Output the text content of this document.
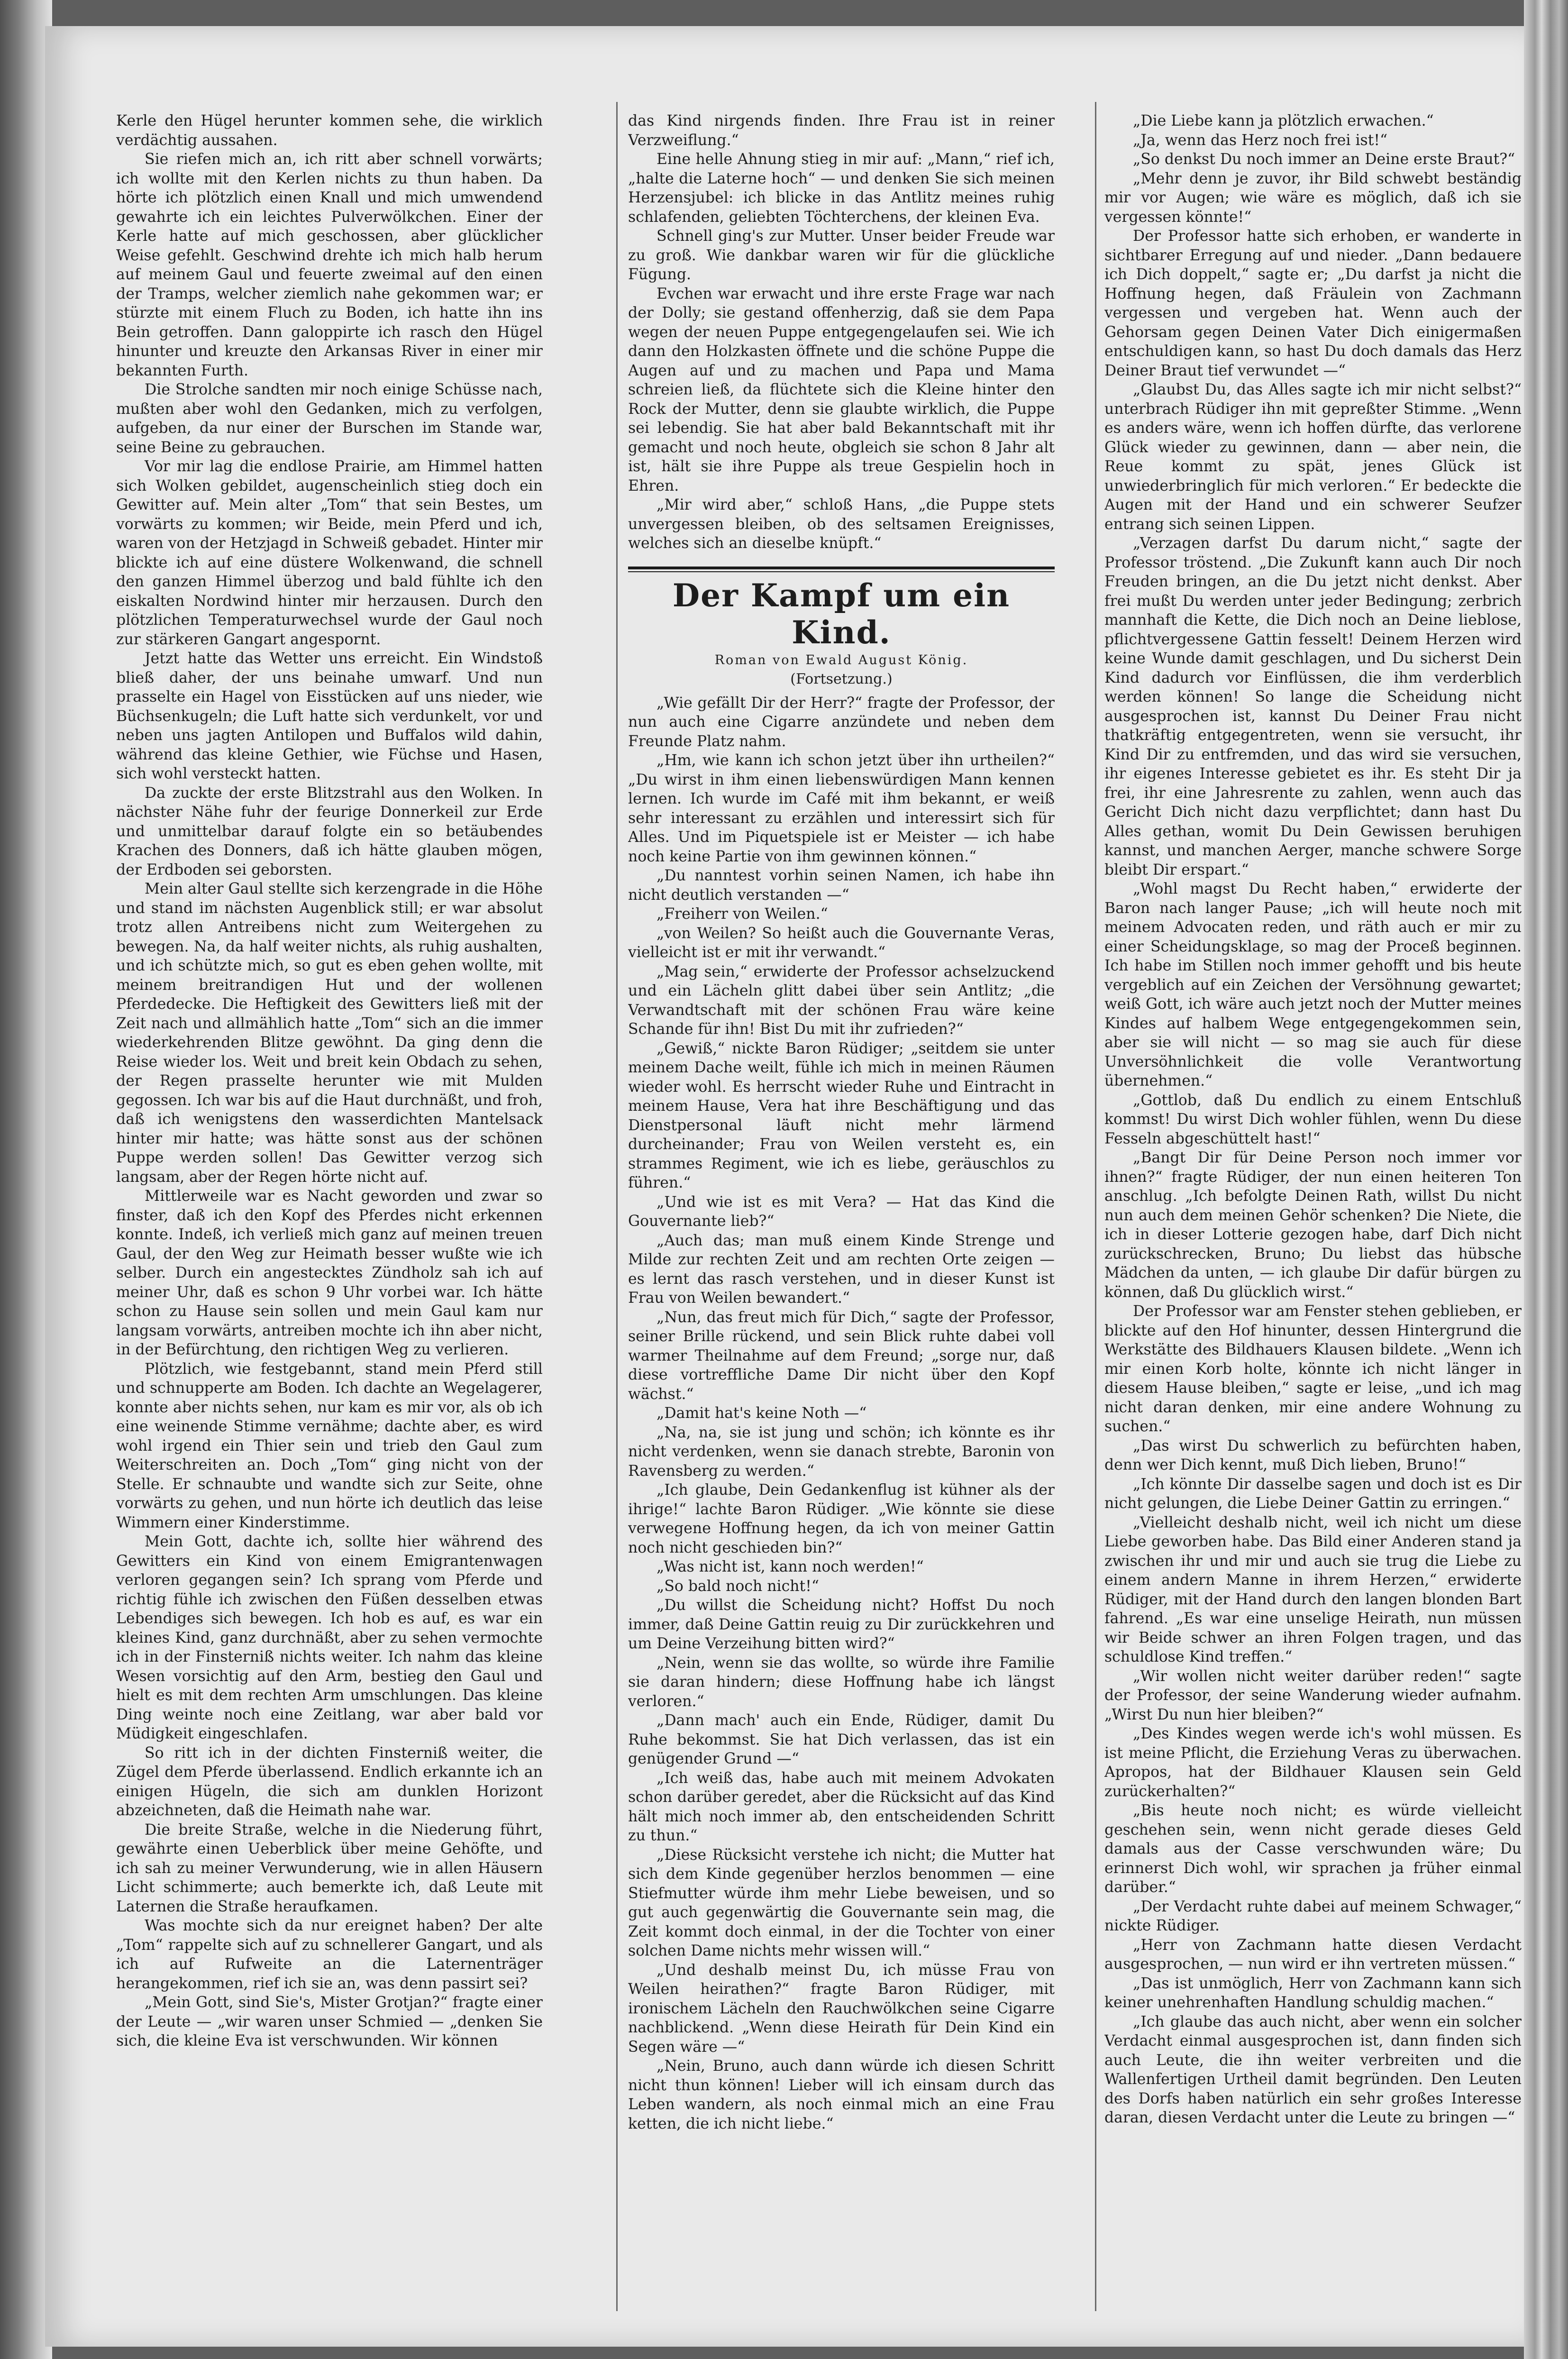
Kerle den Hügel herunter kommen sehe, die wirklich verdächtig aussahen.

Sie riefen mich an, ich ritt aber schnell vorwärts; ich wollte mit den Kerlen nichts zu thun haben. Da hörte ich plötzlich einen Knall und mich umwendend gewahrte ich ein leichtes Pulverwölkchen. Einer der Kerle hatte auf mich geschossen, aber glücklicher Weise gefehlt. Geschwind drehte ich mich halb herum auf meinem Gaul und feuerte zweimal auf den einen der Tramps, welcher ziemlich nahe gekommen war; er stürzte mit einem Fluch zu Boden, ich hatte ihn ins Bein getroffen. Dann galoppirte ich rasch den Hügel hinunter und kreuzte den Arkansas River in einer mir bekannten Furth.

Die Strolche sandten mir noch einige Schüsse nach, mußten aber wohl den Gedanken, mich zu verfolgen, aufgeben, da nur einer der Burschen im Stande war, seine Beine zu gebrauchen.

Vor mir lag die endlose Prairie, am Himmel hatten sich Wolken gebildet, augenscheinlich stieg doch ein Gewitter auf. Mein alter „Tom“ that sein Bestes, um vorwärts zu kommen; wir Beide, mein Pferd und ich, waren von der Hetzjagd in Schweiß gebadet. Hinter mir blickte ich auf eine düstere Wolkenwand, die schnell den ganzen Himmel überzog und bald fühlte ich den eiskalten Nordwind hinter mir herzausen. Durch den plötzlichen Temperaturwechsel wurde der Gaul noch zur stärkeren Gangart angespornt.

Jetzt hatte das Wetter uns erreicht. Ein Windstoß bließ daher, der uns beinahe umwarf. Und nun prasselte ein Hagel von Eisstücken auf uns nieder, wie Büchsenkugeln; die Luft hatte sich verdunkelt, vor und neben uns jagten Antilopen und Buffalos wild dahin, während das kleine Gethier, wie Füchse und Hasen, sich wohl versteckt hatten.

Da zuckte der erste Blitzstrahl aus den Wolken. In nächster Nähe fuhr der feurige Donnerkeil zur Erde und unmittelbar darauf folgte ein so betäubendes Krachen des Donners, daß ich hätte glauben mögen, der Erdboden sei geborsten.

Mein alter Gaul stellte sich kerzengrade in die Höhe und stand im nächsten Augenblick still; er war absolut trotz allen Antreibens nicht zum Weitergehen zu bewegen. Na, da half weiter nichts, als ruhig aushalten, und ich schützte mich, so gut es eben gehen wollte, mit meinem breitrandigen Hut und der wollenen Pferdedecke. Die Heftigkeit des Gewitters ließ mit der Zeit nach und allmählich hatte „Tom“ sich an die immer wiederkehrenden Blitze gewöhnt. Da ging denn die Reise wieder los. Weit und breit kein Obdach zu sehen, der Regen prasselte herunter wie mit Mulden gegossen. Ich war bis auf die Haut durchnäßt, und froh, daß ich wenigstens den wasserdichten Mantelsack hinter mir hatte; was hätte sonst aus der schönen Puppe werden sollen! Das Gewitter verzog sich langsam, aber der Regen hörte nicht auf.

Mittlerweile war es Nacht geworden und zwar so finster, daß ich den Kopf des Pferdes nicht erkennen konnte. Indeß, ich verließ mich ganz auf meinen treuen Gaul, der den Weg zur Heimath besser wußte wie ich selber. Durch ein angestecktes Zündholz sah ich auf meiner Uhr, daß es schon 9 Uhr vorbei war. Ich hätte schon zu Hause sein sollen und mein Gaul kam nur langsam vorwärts, antreiben mochte ich ihn aber nicht, in der Befürchtung, den richtigen Weg zu verlieren.

Plötzlich, wie festgebannt, stand mein Pferd still und schnupperte am Boden. Ich dachte an Wegelagerer, konnte aber nichts sehen, nur kam es mir vor, als ob ich eine weinende Stimme vernähme; dachte aber, es wird wohl irgend ein Thier sein und trieb den Gaul zum Weiterschreiten an. Doch „Tom“ ging nicht von der Stelle. Er schnaubte und wandte sich zur Seite, ohne vorwärts zu gehen, und nun hörte ich deutlich das leise Wimmern einer Kinderstimme.

Mein Gott, dachte ich, sollte hier während des Gewitters ein Kind von einem Emigrantenwagen verloren gegangen sein? Ich sprang vom Pferde und richtig fühle ich zwischen den Füßen desselben etwas Lebendiges sich bewegen. Ich hob es auf, es war ein kleines Kind, ganz durchnäßt, aber zu sehen vermochte ich in der Finsterniß nichts weiter. Ich nahm das kleine Wesen vorsichtig auf den Arm, bestieg den Gaul und hielt es mit dem rechten Arm umschlungen. Das kleine Ding weinte noch eine Zeitlang, war aber bald vor Müdigkeit eingeschlafen.

So ritt ich in der dichten Finsterniß weiter, die Zügel dem Pferde überlassend. Endlich erkannte ich an einigen Hügeln, die sich am dunklen Horizont abzeichneten, daß die Heimath nahe war.

Die breite Straße, welche in die Niederung führt, gewährte einen Ueberblick über meine Gehöfte, und ich sah zu meiner Verwunderung, wie in allen Häusern Licht schimmerte; auch bemerkte ich, daß Leute mit Laternen die Straße heraufkamen.

Was mochte sich da nur ereignet haben? Der alte „Tom“ rappelte sich auf zu schnellerer Gangart, und als ich auf Rufweite an die Laternenträger herangekommen, rief ich sie an, was denn passirt sei?

„Mein Gott, sind Sie's, Mister Grotjan?“ fragte einer der Leute — „wir waren unser Schmied — „denken Sie sich, die kleine Eva ist verschwunden. Wir können

das Kind nirgends finden. Ihre Frau ist in reiner Verzweiflung.“

Eine helle Ahnung stieg in mir auf: „Mann,“ rief ich, „halte die Laterne hoch“ — und denken Sie sich meinen Herzensjubel: ich blicke in das Antlitz meines ruhig schlafenden, geliebten Töchterchens, der kleinen Eva.

Schnell ging's zur Mutter. Unser beider Freude war zu groß. Wie dankbar waren wir für die glückliche Fügung.

Evchen war erwacht und ihre erste Frage war nach der Dolly; sie gestand offenherzig, daß sie dem Papa wegen der neuen Puppe entgegengelaufen sei. Wie ich dann den Holzkasten öffnete und die schöne Puppe die Augen auf und zu machen und Papa und Mama schreien ließ, da flüchtete sich die Kleine hinter den Rock der Mutter, denn sie glaubte wirklich, die Puppe sei lebendig. Sie hat aber bald Bekanntschaft mit ihr gemacht und noch heute, obgleich sie schon 8 Jahr alt ist, hält sie ihre Puppe als treue Gespielin hoch in Ehren.

„Mir wird aber,“ schloß Hans, „die Puppe stets unvergessen bleiben, ob des seltsamen Ereignisses, welches sich an dieselbe knüpft.“

Der Kampf um ein Kind.
Roman von Ewald August König.
(Fortsetzung.)

„Wie gefällt Dir der Herr?“ fragte der Professor, der nun auch eine Cigarre anzündete und neben dem Freunde Platz nahm.

„Hm, wie kann ich schon jetzt über ihn urtheilen?“ „Du wirst in ihm einen liebenswürdigen Mann kennen lernen. Ich wurde im Café mit ihm bekannt, er weiß sehr interessant zu erzählen und interessirt sich für Alles. Und im Piquetspiele ist er Meister — ich habe noch keine Partie von ihm gewinnen können.“

„Du nanntest vorhin seinen Namen, ich habe ihn nicht deutlich verstanden —“

„Freiherr von Weilen.“

„von Weilen? So heißt auch die Gouvernante Veras, vielleicht ist er mit ihr verwandt.“

„Mag sein,“ erwiderte der Professor achselzuckend und ein Lächeln glitt dabei über sein Antlitz; „die Verwandtschaft mit der schönen Frau wäre keine Schande für ihn! Bist Du mit ihr zufrieden?“

„Gewiß,“ nickte Baron Rüdiger; „seitdem sie unter meinem Dache weilt, fühle ich mich in meinen Räumen wieder wohl. Es herrscht wieder Ruhe und Eintracht in meinem Hause, Vera hat ihre Beschäftigung und das Dienstpersonal läuft nicht mehr lärmend durcheinander; Frau von Weilen versteht es, ein strammes Regiment, wie ich es liebe, geräuschlos zu führen.“

„Und wie ist es mit Vera? — Hat das Kind die Gouvernante lieb?“

„Auch das; man muß einem Kinde Strenge und Milde zur rechten Zeit und am rechten Orte zeigen — es lernt das rasch verstehen, und in dieser Kunst ist Frau von Weilen bewandert.“

„Nun, das freut mich für Dich,“ sagte der Professor, seiner Brille rückend, und sein Blick ruhte dabei voll warmer Theilnahme auf dem Freund; „sorge nur, daß diese vortreffliche Dame Dir nicht über den Kopf wächst.“

„Damit hat's keine Noth —“

„Na, na, sie ist jung und schön; ich könnte es ihr nicht verdenken, wenn sie danach strebte, Baronin von Ravensberg zu werden.“

„Ich glaube, Dein Gedankenflug ist kühner als der ihrige!“ lachte Baron Rüdiger. „Wie könnte sie diese verwegene Hoffnung hegen, da ich von meiner Gattin noch nicht geschieden bin?“

„Was nicht ist, kann noch werden!“

„So bald noch nicht!“

„Du willst die Scheidung nicht? Hoffst Du noch immer, daß Deine Gattin reuig zu Dir zurückkehren und um Deine Verzeihung bitten wird?“

„Nein, wenn sie das wollte, so würde ihre Familie sie daran hindern; diese Hoffnung habe ich längst verloren.“

„Dann mach' auch ein Ende, Rüdiger, damit Du Ruhe bekommst. Sie hat Dich verlassen, das ist ein genügender Grund —“

„Ich weiß das, habe auch mit meinem Advokaten schon darüber geredet, aber die Rücksicht auf das Kind hält mich noch immer ab, den entscheidenden Schritt zu thun.“

„Diese Rücksicht verstehe ich nicht; die Mutter hat sich dem Kinde gegenüber herzlos benommen — eine Stiefmutter würde ihm mehr Liebe beweisen, und so gut auch gegenwärtig die Gouvernante sein mag, die Zeit kommt doch einmal, in der die Tochter von einer solchen Dame nichts mehr wissen will.“

„Und deshalb meinst Du, ich müsse Frau von Weilen heirathen?“ fragte Baron Rüdiger, mit ironischem Lächeln den Rauchwölkchen seine Cigarre nachblickend. „Wenn diese Heirath für Dein Kind ein Segen wäre —“

„Nein, Bruno, auch dann würde ich diesen Schritt nicht thun können! Lieber will ich einsam durch das Leben wandern, als noch einmal mich an eine Frau ketten, die ich nicht liebe.“

„Die Liebe kann ja plötzlich erwachen.“

„Ja, wenn das Herz noch frei ist!“

„So denkst Du noch immer an Deine erste Braut?“

„Mehr denn je zuvor, ihr Bild schwebt beständig mir vor Augen; wie wäre es möglich, daß ich sie vergessen könnte!“

Der Professor hatte sich erhoben, er wanderte in sichtbarer Erregung auf und nieder. „Dann bedauere ich Dich doppelt,“ sagte er; „Du darfst ja nicht die Hoffnung hegen, daß Fräulein von Zachmann vergessen und vergeben hat. Wenn auch der Gehorsam gegen Deinen Vater Dich einigermaßen entschuldigen kann, so hast Du doch damals das Herz Deiner Braut tief verwundet —“

„Glaubst Du, das Alles sagte ich mir nicht selbst?“ unterbrach Rüdiger ihn mit gepreßter Stimme. „Wenn es anders wäre, wenn ich hoffen dürfte, das verlorene Glück wieder zu gewinnen, dann — aber nein, die Reue kommt zu spät, jenes Glück ist unwiederbringlich für mich verloren.“ Er bedeckte die Augen mit der Hand und ein schwerer Seufzer entrang sich seinen Lippen.

„Verzagen darfst Du darum nicht,“ sagte der Professor tröstend. „Die Zukunft kann auch Dir noch Freuden bringen, an die Du jetzt nicht denkst. Aber frei mußt Du werden unter jeder Bedingung; zerbrich mannhaft die Kette, die Dich noch an Deine lieblose, pflichtvergessene Gattin fesselt! Deinem Herzen wird keine Wunde damit geschlagen, und Du sicherst Dein Kind dadurch vor Einflüssen, die ihm verderblich werden können! So lange die Scheidung nicht ausgesprochen ist, kannst Du Deiner Frau nicht thatkräftig entgegentreten, wenn sie versucht, ihr Kind Dir zu entfremden, und das wird sie versuchen, ihr eigenes Interesse gebietet es ihr. Es steht Dir ja frei, ihr eine Jahresrente zu zahlen, wenn auch das Gericht Dich nicht dazu verpflichtet; dann hast Du Alles gethan, womit Du Dein Gewissen beruhigen kannst, und manchen Aerger, manche schwere Sorge bleibt Dir erspart.“

„Wohl magst Du Recht haben,“ erwiderte der Baron nach langer Pause; „ich will heute noch mit meinem Advocaten reden, und räth auch er mir zu einer Scheidungsklage, so mag der Proceß beginnen. Ich habe im Stillen noch immer gehofft und bis heute vergeblich auf ein Zeichen der Versöhnung gewartet; weiß Gott, ich wäre auch jetzt noch der Mutter meines Kindes auf halbem Wege entgegengekommen sein, aber sie will nicht — so mag sie auch für diese Unversöhnlichkeit die volle Verantwortung übernehmen.“

„Gottlob, daß Du endlich zu einem Entschluß kommst! Du wirst Dich wohler fühlen, wenn Du diese Fesseln abgeschüttelt hast!“

„Bangt Dir für Deine Person noch immer vor ihnen?“ fragte Rüdiger, der nun einen heiteren Ton anschlug. „Ich befolgte Deinen Rath, willst Du nicht nun auch dem meinen Gehör schenken? Die Niete, die ich in dieser Lotterie gezogen habe, darf Dich nicht zurückschrecken, Bruno; Du liebst das hübsche Mädchen da unten, — ich glaube Dir dafür bürgen zu können, daß Du glücklich wirst.“

Der Professor war am Fenster stehen geblieben, er blickte auf den Hof hinunter, dessen Hintergrund die Werkstätte des Bildhauers Klausen bildete. „Wenn ich mir einen Korb holte, könnte ich nicht länger in diesem Hause bleiben,“ sagte er leise, „und ich mag nicht daran denken, mir eine andere Wohnung zu suchen.“

„Das wirst Du schwerlich zu befürchten haben, denn wer Dich kennt, muß Dich lieben, Bruno!“

„Ich könnte Dir dasselbe sagen und doch ist es Dir nicht gelungen, die Liebe Deiner Gattin zu erringen.“

„Vielleicht deshalb nicht, weil ich nicht um diese Liebe geworben habe. Das Bild einer Anderen stand ja zwischen ihr und mir und auch sie trug die Liebe zu einem andern Manne in ihrem Herzen,“ erwiderte Rüdiger, mit der Hand durch den langen blonden Bart fahrend. „Es war eine unselige Heirath, nun müssen wir Beide schwer an ihren Folgen tragen, und das schuldlose Kind treffen.“

„Wir wollen nicht weiter darüber reden!“ sagte der Professor, der seine Wanderung wieder aufnahm. „Wirst Du nun hier bleiben?“

„Des Kindes wegen werde ich's wohl müssen. Es ist meine Pflicht, die Erziehung Veras zu überwachen. Apropos, hat der Bildhauer Klausen sein Geld zurückerhalten?“

„Bis heute noch nicht; es würde vielleicht geschehen sein, wenn nicht gerade dieses Geld damals aus der Casse verschwunden wäre; Du erinnerst Dich wohl, wir sprachen ja früher einmal darüber.“

„Der Verdacht ruhte dabei auf meinem Schwager,“ nickte Rüdiger.

„Herr von Zachmann hatte diesen Verdacht ausgesprochen, — nun wird er ihn vertreten müssen.“

„Das ist unmöglich, Herr von Zachmann kann sich keiner unehrenhaften Handlung schuldig machen.“

„Ich glaube das auch nicht, aber wenn ein solcher Verdacht einmal ausgesprochen ist, dann finden sich auch Leute, die ihn weiter verbreiten und die Wallenfertigen Urtheil damit begründen. Den Leuten des Dorfs haben natürlich ein sehr großes Interesse daran, diesen Verdacht unter die Leute zu bringen —“
